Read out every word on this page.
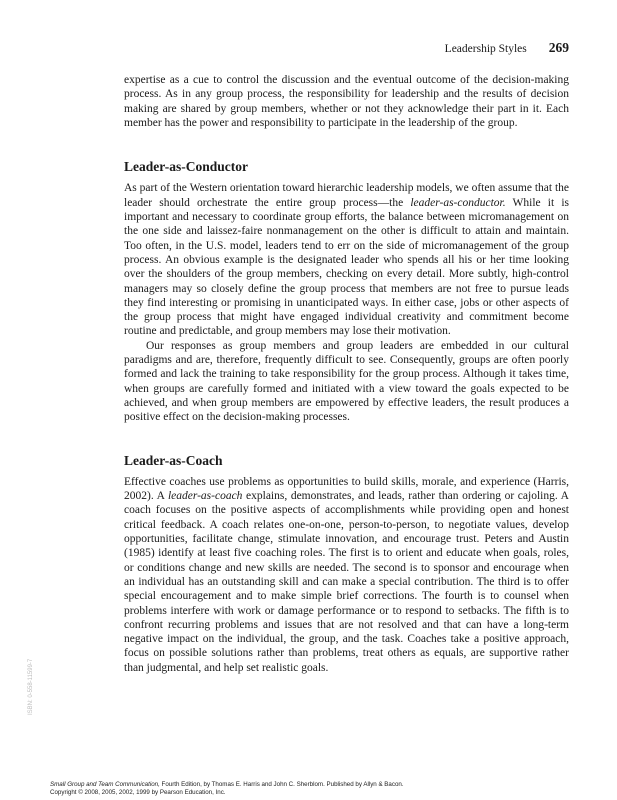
Leadership Styles 269

expertise as a cue to control the discussion and the eventual outcome of the decision-making process. As in any group process, the responsibility for leadership and the results of decision making are shared by group members, whether or not they acknowledge their part in it. Each member has the power and responsibility to participate in the leadership of the group.

Leader-as-Conductor

As part of the Western orientation toward hierarchic leadership models, we often assume that the leader should orchestrate the entire group process—the leader-as-conductor. While it is important and necessary to coordinate group efforts, the balance between micromanagement on the one side and laissez-faire nonmanagement on the other is difficult to attain and maintain. Too often, in the U.S. model, leaders tend to err on the side of micromanagement of the group process. An obvious example is the designated leader who spends all his or her time looking over the shoulders of the group members, checking on every detail. More subtly, high-control managers may so closely define the group process that members are not free to pursue leads they find interesting or promising in unanticipated ways. In either case, jobs or other aspects of the group process that might have engaged individual creativity and commitment become routine and predictable, and group members may lose their motivation.

Our responses as group members and group leaders are embedded in our cultural paradigms and are, therefore, frequently difficult to see. Consequently, groups are often poorly formed and lack the training to take responsibility for the group process. Although it takes time, when groups are carefully formed and initiated with a view toward the goals expected to be achieved, and when group members are empowered by effective leaders, the result produces a positive effect on the decision-making processes.

Leader-as-Coach

Effective coaches use problems as opportunities to build skills, morale, and experience (Harris, 2002). A leader-as-coach explains, demonstrates, and leads, rather than ordering or cajoling. A coach focuses on the positive aspects of accomplishments while providing open and honest critical feedback. A coach relates one-on-one, person-to-person, to negotiate values, develop opportunities, facilitate change, stimulate innovation, and encourage trust. Peters and Austin (1985) identify at least five coaching roles. The first is to orient and educate when goals, roles, or conditions change and new skills are needed. The second is to sponsor and encourage when an individual has an outstanding skill and can make a special contribution. The third is to offer special encouragement and to make simple brief corrections. The fourth is to counsel when problems interfere with work or damage performance or to respond to setbacks. The fifth is to confront recurring problems and issues that are not resolved and that can have a long-term negative impact on the individual, the group, and the task. Coaches take a positive approach, focus on possible solutions rather than problems, treat others as equals, are supportive rather than judgmental, and help set realistic goals.

ISBN: 0-558-11599-7
Small Group and Team Communication, Fourth Edition, by Thomas E. Harris and John C. Sherblom. Published by Allyn & Bacon.
Copyright © 2008, 2005, 2002, 1999 by Pearson Education, Inc.
